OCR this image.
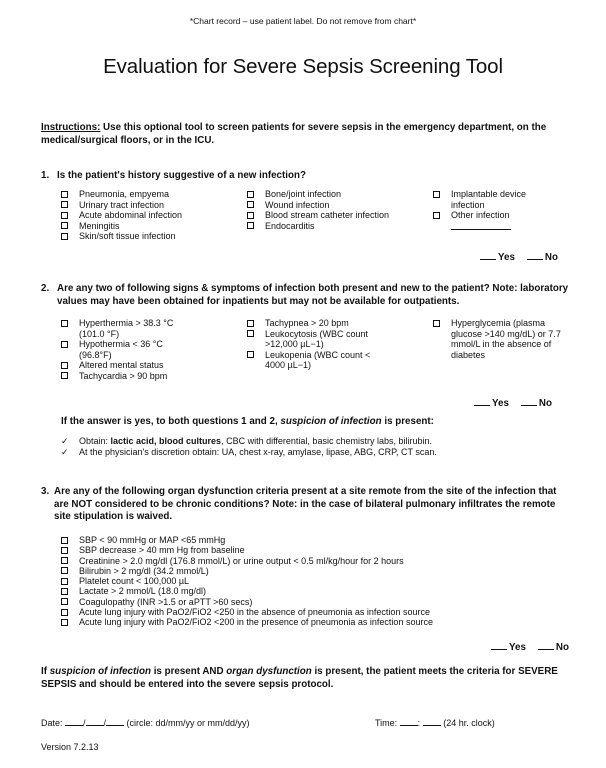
*Chart record – use patient label. Do not remove from chart*
Evaluation for Severe Sepsis Screening Tool
Instructions: Use this optional tool to screen patients for severe sepsis in the emergency department, on the medical/surgical floors, or in the ICU.
1. Is the patient's history suggestive of a new infection?
Pneumonia, empyema
Urinary tract infection
Acute abdominal infection
Meningitis
Skin/soft tissue infection
Bone/joint infection
Wound infection
Blood stream catheter infection
Endocarditis
Implantable device infection
Other infection
Yes	No
2. Are any two of following signs & symptoms of infection both present and new to the patient? Note: laboratory values may have been obtained for inpatients but may not be available for outpatients.
Hyperthermia > 38.3 °C (101.0 °F)
Hypothermia < 36 °C (96.8°F)
Altered mental status
Tachycardia > 90 bpm
Tachypnea > 20 bpm
Leukocytosis (WBC count >12,000 µL−1)
Leukopenia (WBC count < 4000 µL−1)
Hyperglycemia (plasma glucose >140 mg/dL) or 7.7 mmol/L in the absence of diabetes
Yes	No
If the answer is yes, to both questions 1 and 2, suspicion of infection is present:
✓ Obtain: lactic acid, blood cultures, CBC with differential, basic chemistry labs, bilirubin.
✓ At the physician's discretion obtain: UA, chest x-ray, amylase, lipase, ABG, CRP, CT scan.
3. Are any of the following organ dysfunction criteria present at a site remote from the site of the infection that are NOT considered to be chronic conditions? Note: in the case of bilateral pulmonary infiltrates the remote site stipulation is waived.
SBP < 90 mmHg or MAP <65 mmHg
SBP decrease > 40 mm Hg from baseline
Creatinine > 2.0 mg/dl (176.8 mmol/L) or urine output < 0.5 ml/kg/hour for 2 hours
Bilirubin > 2 mg/dl (34.2 mmol/L)
Platelet count < 100,000 µL
Lactate > 2 mmol/L (18.0 mg/dl)
Coagulopathy (INR >1.5 or aPTT >60 secs)
Acute lung injury with PaO2/FiO2 <250 in the absence of pneumonia as infection source
Acute lung injury with PaO2/FiO2 <200 in the presence of pneumonia as infection source
Yes	No
If suspicion of infection is present AND organ dysfunction is present, the patient meets the criteria for SEVERE SEPSIS and should be entered into the severe sepsis protocol.
Date: / / (circle: dd/mm/yy or mm/dd/yy)	Time: :  (24 hr. clock)
Version 7.2.13
